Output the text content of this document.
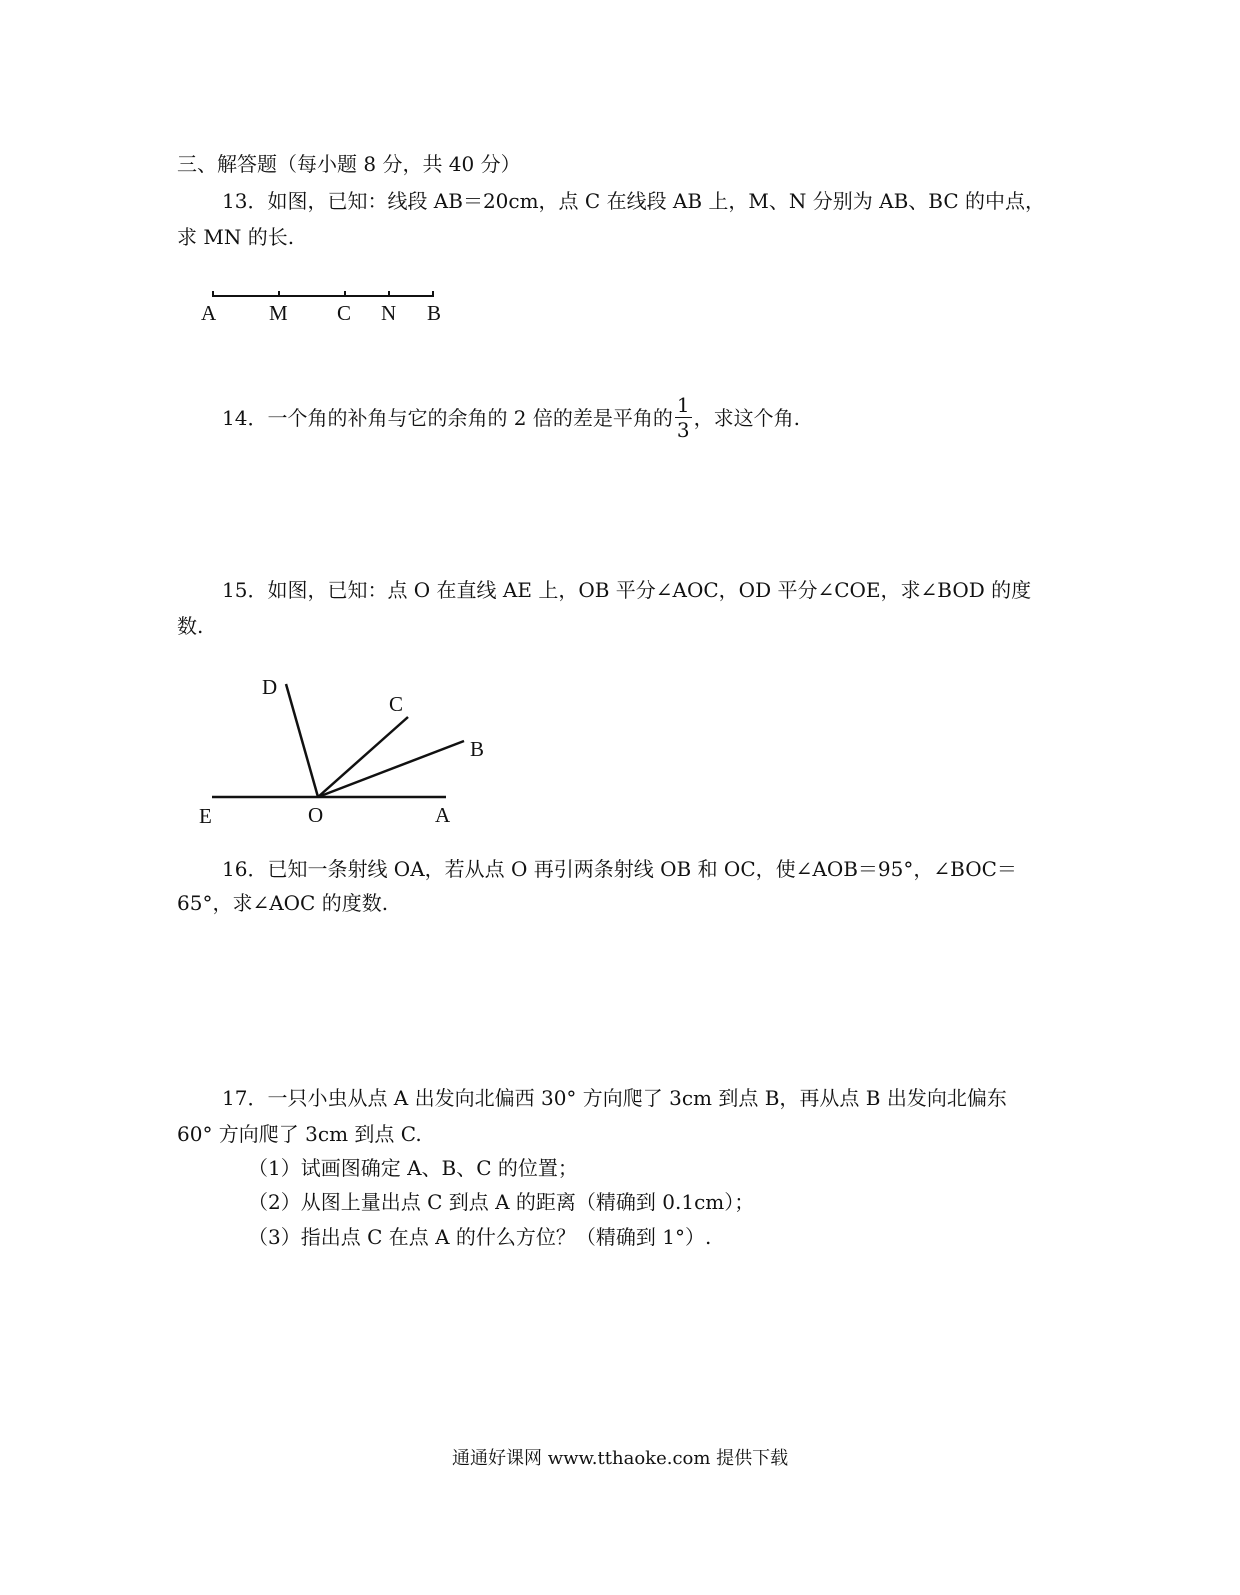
三、解答题（每小题 8 分，共 40 分）
13．如图，已知：线段 AB＝20cm，点 C 在线段 AB 上，M、N 分别为 AB、BC 的中点，
求 MN 的长.
A	M C N B
D
C
B
E	O	A
14．一个角的补角与它的余角的 2 倍的差是平角的 $\frac{1}{3}$ ，求这个角.
15．如图，已知：点 O 在直线 AE 上，OB 平分∠AOC，OD 平分∠COE，求∠BOD 的度
数.
16．已知一条射线 OA，若从点 O 再引两条射线 OB 和 OC，使∠AOB＝95°，∠BOC＝
65°，求∠AOC 的度数.
17．一只小虫从点 A 出发向北偏西 30° 方向爬了 3cm 到点 B，再从点 B 出发向北偏东
60° 方向爬了 3cm 到点 C.
（1）试画图确定 A、B、C 的位置；
（2）从图上量出点 C 到点 A 的距离（精确到 0.1cm）；
（3）指出点 C 在点 A 的什么方位？（精确到 1°）.
通通好课网 www.tthaoke.com 提供下载
